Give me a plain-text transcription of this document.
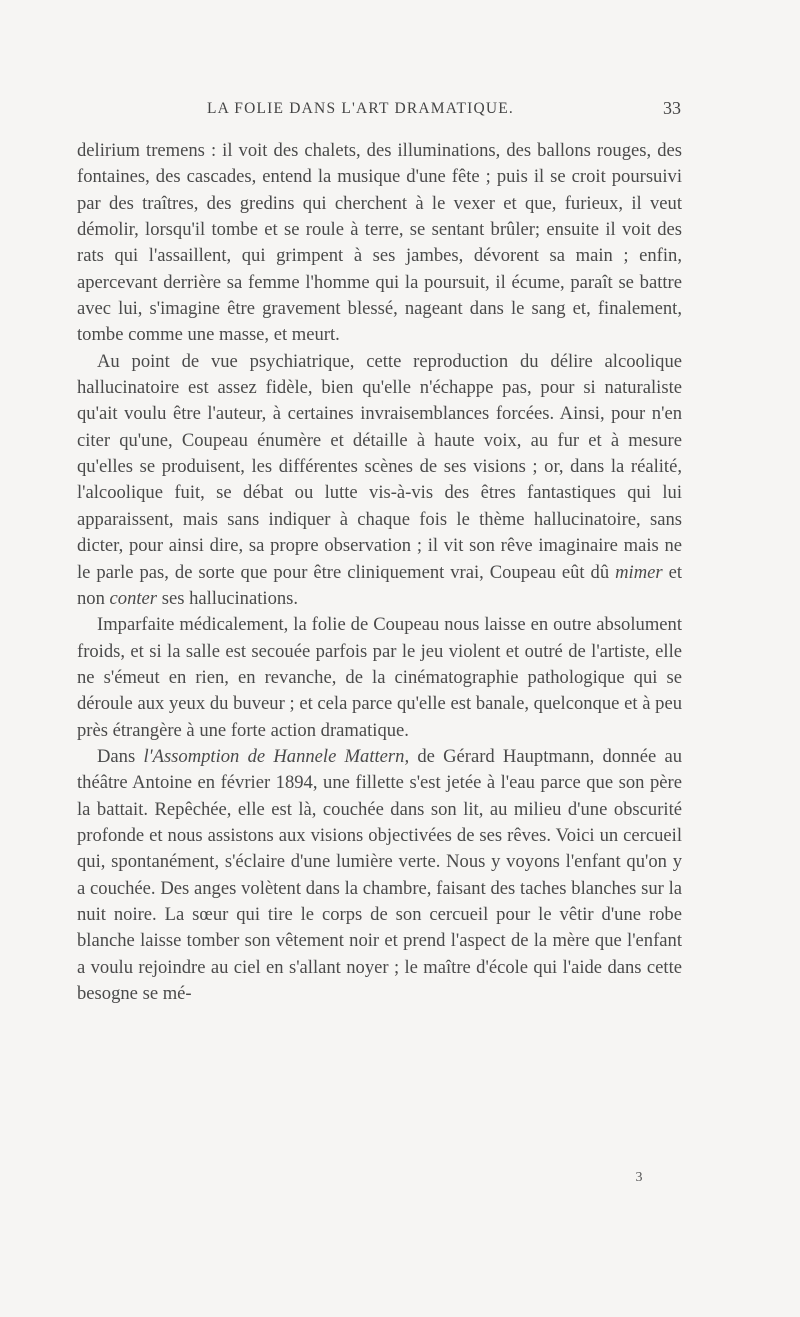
LA FOLIE DANS L'ART DRAMATIQUE.	33

delirium tremens : il voit des chalets, des illuminations, des ballons rouges, des fontaines, des cascades, entend la musique d'une fête ; puis il se croit poursuivi par des traîtres, des gredins qui cherchent à le vexer et que, furieux, il veut démolir, lorsqu'il tombe et se roule à terre, se sentant brûler; ensuite il voit des rats qui l'assaillent, qui grimpent à ses jambes, dévorent sa main ; enfin, apercevant derrière sa femme l'homme qui la poursuit, il écume, paraît se battre avec lui, s'imagine être gravement blessé, nageant dans le sang et, finalement, tombe comme une masse, et meurt.

Au point de vue psychiatrique, cette reproduction du délire alcoolique hallucinatoire est assez fidèle, bien qu'elle n'échappe pas, pour si naturaliste qu'ait voulu être l'auteur, à certaines invraisemblances forcées. Ainsi, pour n'en citer qu'une, Coupeau énumère et détaille à haute voix, au fur et à mesure qu'elles se produisent, les différentes scènes de ses visions ; or, dans la réalité, l'alcoolique fuit, se débat ou lutte vis-à-vis des êtres fantastiques qui lui apparaissent, mais sans indiquer à chaque fois le thème hallucinatoire, sans dicter, pour ainsi dire, sa propre observation ; il vit son rêve imaginaire mais ne le parle pas, de sorte que pour être cliniquement vrai, Coupeau eût dû mimer et non conter ses hallucinations.

Imparfaite médicalement, la folie de Coupeau nous laisse en outre absolument froids, et si la salle est secouée parfois par le jeu violent et outré de l'artiste, elle ne s'émeut en rien, en revanche, de la cinématographie pathologique qui se déroule aux yeux du buveur ; et cela parce qu'elle est banale, quelconque et à peu près étrangère à une forte action dramatique.

Dans l'Assomption de Hannele Mattern, de Gérard Hauptmann, donnée au théâtre Antoine en février 1894, une fillette s'est jetée à l'eau parce que son père la battait. Repêchée, elle est là, couchée dans son lit, au milieu d'une obscurité profonde et nous assistons aux visions objectivées de ses rêves. Voici un cercueil qui, spontanément, s'éclaire d'une lumière verte. Nous y voyons l'enfant qu'on y a couchée. Des anges volètent dans la chambre, faisant des taches blanches sur la nuit noire. La sœur qui tire le corps de son cercueil pour le vêtir d'une robe blanche laisse tomber son vêtement noir et prend l'aspect de la mère que l'enfant a voulu rejoindre au ciel en s'allant noyer ; le maître d'école qui l'aide dans cette besogne se mé-

3
